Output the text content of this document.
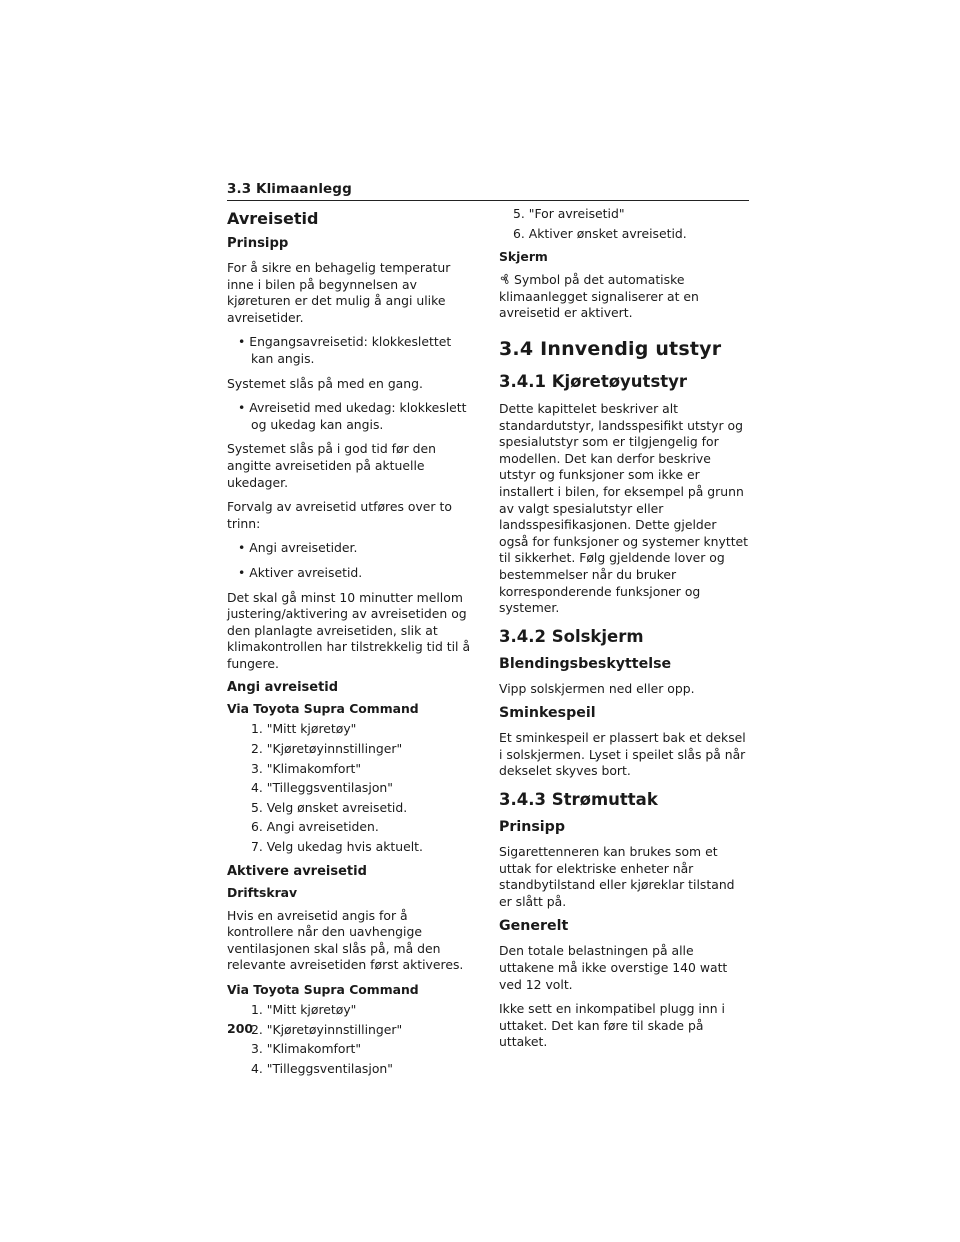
3.3 Klimaanlegg
Avreisetid
Prinsipp
For å sikre en behagelig temperatur inne i bilen på begynnelsen av kjøreturen er det mulig å angi ulike avreisetider.
• Engangsavreisetid: klokkeslettet kan angis.
Systemet slås på med en gang.
• Avreisetid med ukedag: klokkeslett og ukedag kan angis.
Systemet slås på i god tid før den angitte avreisetiden på aktuelle ukedager.
Forvalg av avreisetid utføres over to trinn:
• Angi avreisetider.
• Aktiver avreisetid.
Det skal gå minst 10 minutter mellom justering/aktivering av avreisetiden og den planlagte avreisetiden, slik at klimakontrollen har tilstrekkelig tid til å fungere.
Angi avreisetid
Via Toyota Supra Command
1. "Mitt kjøretøy"
2. "Kjøretøyinnstillinger"
3. "Klimakomfort"
4. "Tilleggsventilasjon"
5. Velg ønsket avreisetid.
6. Angi avreisetiden.
7. Velg ukedag hvis aktuelt.
Aktivere avreisetid
Driftskrav
Hvis en avreisetid angis for å kontrollere når den uavhengige ventilasjonen skal slås på, må den relevante avreisetiden først aktiveres.
Via Toyota Supra Command
1. "Mitt kjøretøy"
2. "Kjøretøyinnstillinger"
3. "Klimakomfort"
4. "Tilleggsventilasjon"
5. "For avreisetid"
6. Aktiver ønsket avreisetid.
Skjerm
Symbol på det automatiske klimaanlegget signaliserer at en avreisetid er aktivert.
3.4 Innvendig utstyr
3.4.1 Kjøretøyutstyr
Dette kapittelet beskriver alt standardutstyr, landsspesifikt utstyr og spesialutstyr som er tilgjengelig for modellen. Det kan derfor beskrive utstyr og funksjoner som ikke er installert i bilen, for eksempel på grunn av valgt spesialutstyr eller landsspesifikasjonen. Dette gjelder også for funksjoner og systemer knyttet til sikkerhet. Følg gjeldende lover og bestemmelser når du bruker korresponderende funksjoner og systemer.
3.4.2 Solskjerm
Blendingsbeskyttelse
Vipp solskjermen ned eller opp.
Sminkespeil
Et sminkespeil er plassert bak et deksel i solskjermen. Lyset i speilet slås på når dekselet skyves bort.
3.4.3 Strømuttak
Prinsipp
Sigarettenneren kan brukes som et uttak for elektriske enheter når standbytilstand eller kjøreklar tilstand er slått på.
Generelt
Den totale belastningen på alle uttakene må ikke overstige 140 watt ved 12 volt.
Ikke sett en inkompatibel plugg inn i uttaket. Det kan føre til skade på uttaket.
200
